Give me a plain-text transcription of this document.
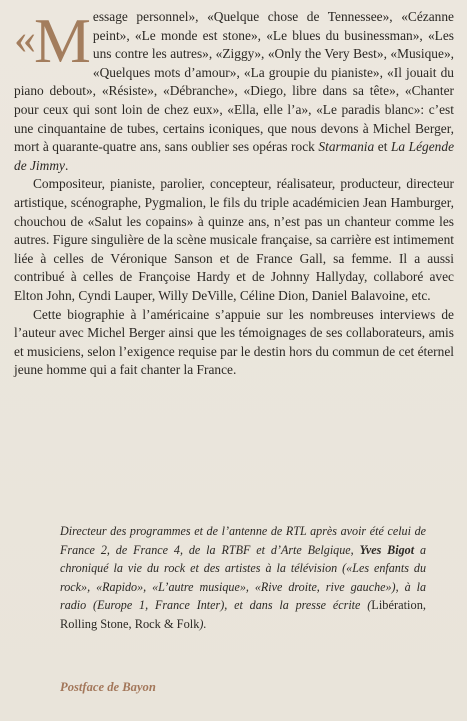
« M essage personnel», «Quelque chose de Tennessee», «Cézanne peint», «Le monde est stone», «Le blues du businessman», «Les uns contre les autres», «Ziggy», «Only the Very Best», «Musique», «Quelques mots d’amour», «La groupie du pianiste», «Il jouait du piano debout», «Résiste», «Débranche», «Diego, libre dans sa tête», «Chanter pour ceux qui sont loin de chez eux», «Ella, elle l’a», «Le paradis blanc»: c’est une cinquantaine de tubes, certains iconiques, que nous devons à Michel Berger, mort à quarante-quatre ans, sans oublier ses opéras rock Starmania et La Légende de Jimmy.

Compositeur, pianiste, parolier, concepteur, réalisateur, producteur, directeur artistique, scénographe, Pygmalion, le fils du triple académicien Jean Hamburger, chouchou de «Salut les copains» à quinze ans, n’est pas un chanteur comme les autres. Figure singulière de la scène musicale française, sa carrière est intimement liée à celles de Véronique Sanson et de France Gall, sa femme. Il a aussi contribué à celles de Françoise Hardy et de Johnny Hallyday, collaboré avec Elton John, Cyndi Lauper, Willy DeVille, Céline Dion, Daniel Balavoine, etc.

Cette biographie à l’américaine s’appuie sur les nombreuses interviews de l’auteur avec Michel Berger ainsi que les témoignages de ses collaborateurs, amis et musiciens, selon l’exigence requise par le destin hors du commun de cet éternel jeune homme qui a fait chanter la France.

Directeur des programmes et de l’antenne de RTL après avoir été celui de France 2, de France 4, de la RTBF et d’Arte Belgique, Yves Bigot a chroniqué la vie du rock et des artistes à la télévision («Les enfants du rock», «Rapido», «L’autre musique», «Rive droite, rive gauche»), à la radio (Europe 1, France Inter), et dans la presse écrite (Libération, Rolling Stone, Rock & Folk).

Postface de Bayon
